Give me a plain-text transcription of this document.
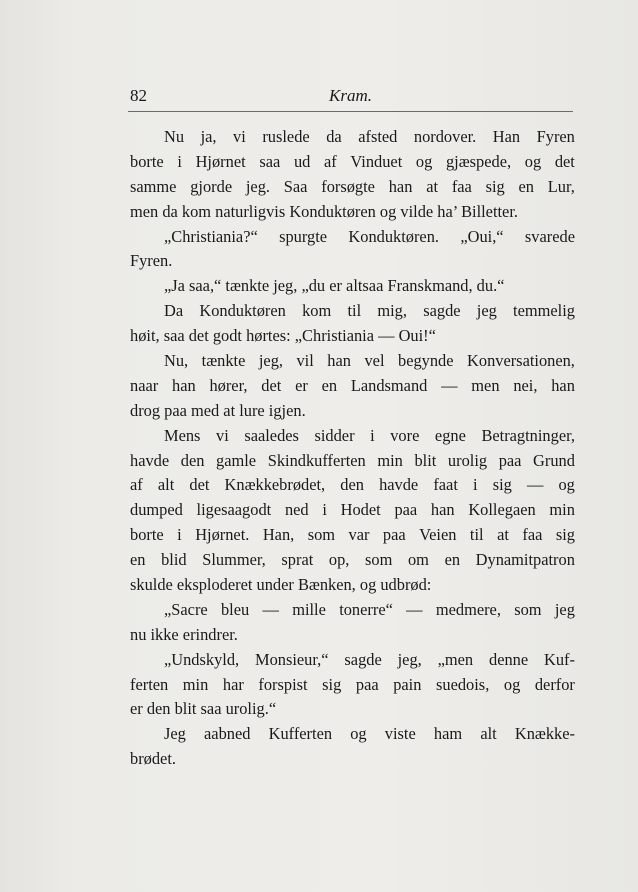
82	Kram.
Nu ja, vi ruslede da afsted nordover. Han Fyren
borte i Hjørnet saa ud af Vinduet og gjæspede, og det
samme gjorde jeg. Saa forsøgte han at faa sig en Lur,
men da kom naturligvis Konduktøren og vilde ha’ Billetter.
„Christiania?“ spurgte Konduktøren. „Oui,“ svarede
Fyren.
„Ja saa,“ tænkte jeg, „du er altsaa Franskmand, du.“
Da Konduktøren kom til mig, sagde jeg temmelig
høit, saa det godt hørtes: „Christiania — Oui!“
Nu, tænkte jeg, vil han vel begynde Konversationen,
naar han hører, det er en Landsmand — men nei, han
drog paa med at lure igjen.
Mens vi saaledes sidder i vore egne Betragtninger,
havde den gamle Skindkufferten min blit urolig paa Grund
af alt det Knækkebrødet, den havde faat i sig — og
dumped ligesaagodt ned i Hodet paa han Kollegaen min
borte i Hjørnet. Han, som var paa Veien til at faa sig
en blid Slummer, sprat op, som om en Dynamitpatron
skulde eksploderet under Bænken, og udbrød:
„Sacre bleu — mille tonerre“ — medmere, som jeg
nu ikke erindrer.
„Undskyld, Monsieur,“ sagde jeg, „men denne Kuf-
ferten min har forspist sig paa pain suedois, og derfor
er den blit saa urolig.“
Jeg aabned Kufferten og viste ham alt Knække-
brødet.
